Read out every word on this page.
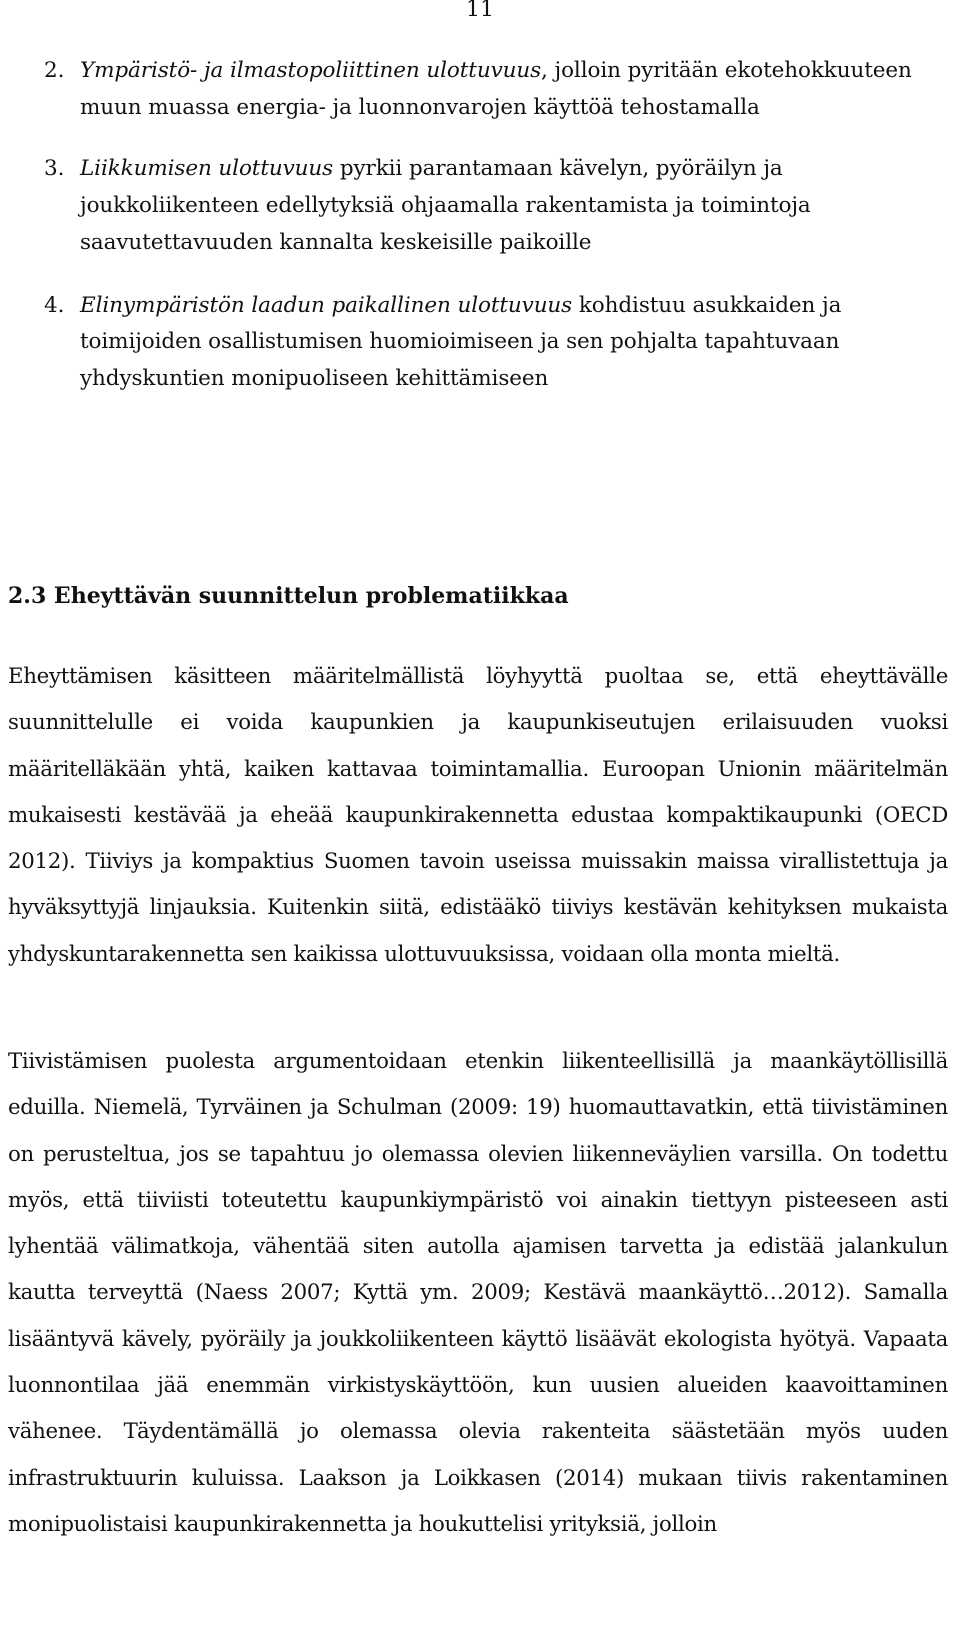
11
2. Ympäristö- ja ilmastopoliittinen ulottuvuus, jolloin pyritään ekotehokkuuteen muun muassa energia- ja luonnonvarojen käyttöä tehostamalla
3. Liikkumisen ulottuvuus pyrkii parantamaan kävelyn, pyöräilyn ja joukkoliikenteen edellytyksiä ohjaamalla rakentamista ja toimintoja saavutettavuuden kannalta keskeisille paikoille
4. Elinympäristön laadun paikallinen ulottuvuus kohdistuu asukkaiden ja toimijoiden osallistumisen huomioimiseen ja sen pohjalta tapahtuvaan yhdyskuntien monipuoliseen kehittämiseen
2.3 Eheyttävän suunnittelun problematiikkaa

Eheyttämisen käsitteen määritelmällistä löyhyyttä puoltaa se, että eheyttävälle suunnittelulle ei voida kaupunkien ja kaupunkiseutujen erilaisuuden vuoksi määritelläkään yhtä, kaiken kattavaa toimintamallia. Euroopan Unionin määritelmän mukaisesti kestävää ja eheää kaupunkirakennetta edustaa kompaktikaupunki (OECD 2012). Tiiviys ja kompaktius Suomen tavoin useissa muissakin maissa virallistettuja ja hyväksyttyjä linjauksia. Kuitenkin siitä, edistääkö tiiviys kestävän kehityksen mukaista yhdyskuntarakennetta sen kaikissa ulottuvuuksissa, voidaan olla monta mieltä.

Tiivistämisen puolesta argumentoidaan etenkin liikenteellisillä ja maankäytöllisillä eduilla. Niemelä, Tyrväinen ja Schulman (2009: 19) huomauttavatkin, että tiivistäminen on perusteltua, jos se tapahtuu jo olemassa olevien liikenneväylien varsilla. On todettu myös, että tiiviisti toteutettu kaupunkiympäristö voi ainakin tiettyyn pisteeseen asti lyhentää välimatkoja, vähentää siten autolla ajamisen tarvetta ja edistää jalankulun kautta terveyttä (Naess 2007; Kyttä ym. 2009; Kestävä maankäyttö…2012). Samalla lisääntyvä kävely, pyöräily ja joukkoliikenteen käyttö lisäävät ekologista hyötyä. Vapaata luonnontilaa jää enemmän virkistyskäyttöön, kun uusien alueiden kaavoittaminen vähenee. Täydentämällä jo olemassa olevia rakenteita säästetään myös uuden infrastruktuurin kuluissa. Laakson ja Loikkasen (2014) mukaan tiivis rakentaminen monipuolistaisi kaupunkirakennetta ja houkuttelisi yrityksiä, jolloin
